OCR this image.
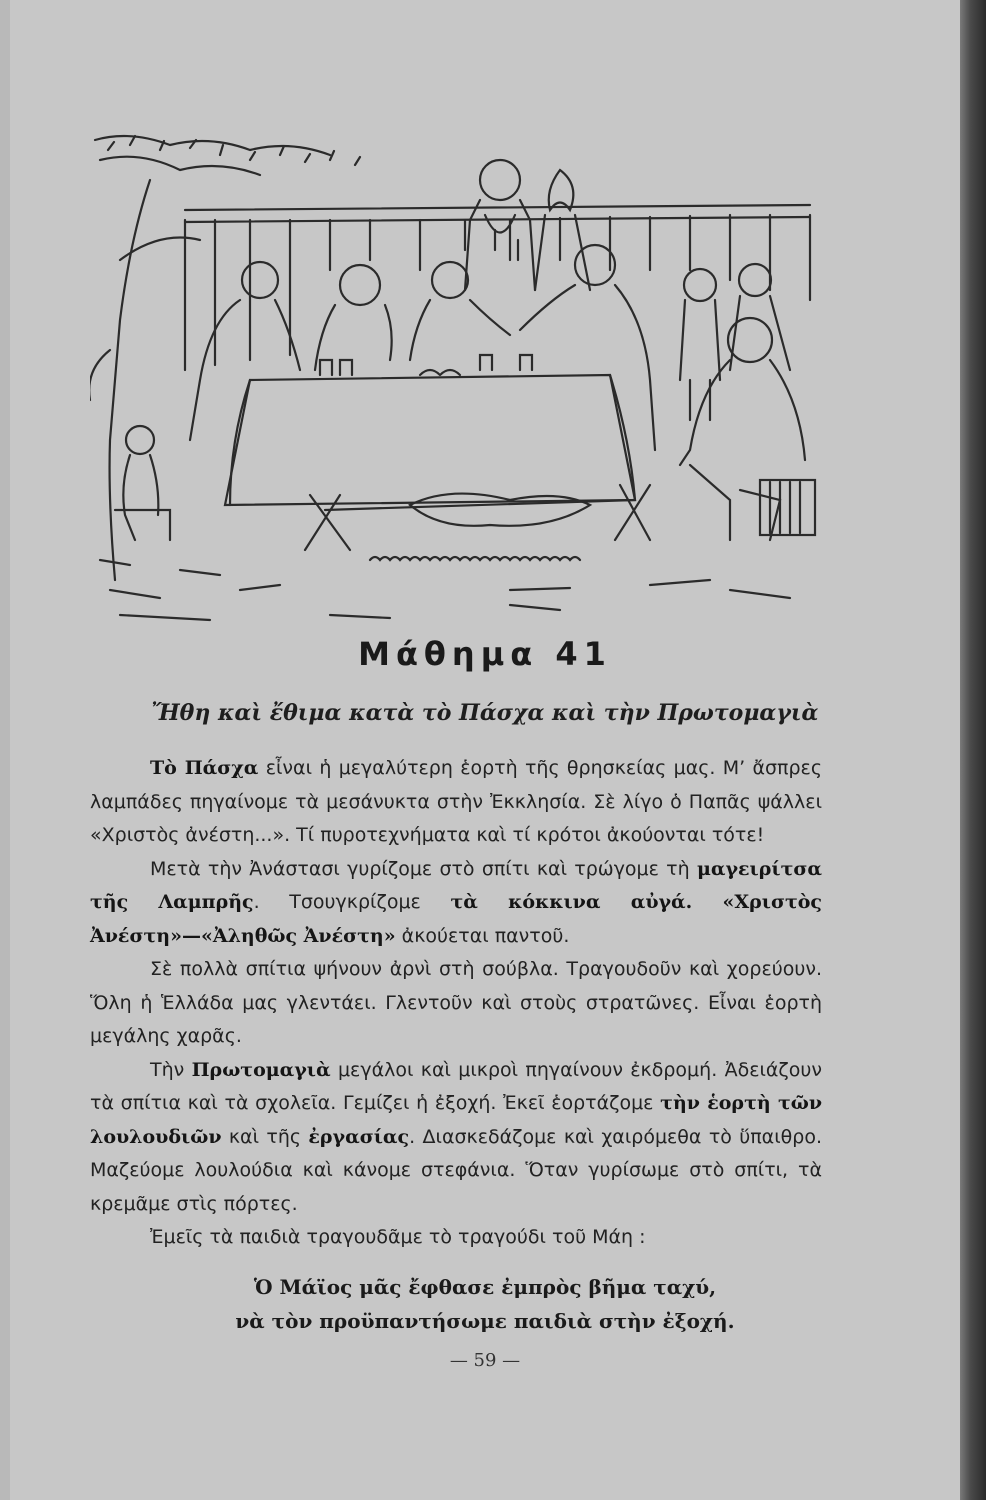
Μάθημα 41
Ἤθη καὶ ἔθιμα κατὰ τὸ Πάσχα καὶ τὴν Πρωτομαγιὰ

Τὸ Πάσχα εἶναι ἡ μεγαλύτερη ἑορτὴ τῆς θρησκείας μας. Μ’ ἄσπρες λαμπάδες πηγαίνομε τὰ μεσάνυκτα στὴν Ἐκκλησία. Σὲ λίγο ὁ Παπᾶς ψάλλει «Χριστὸς ἀνέστη...». Τί πυροτεχνήματα καὶ τί κρότοι ἀκούονται τότε!

Μετὰ τὴν Ἀνάστασι γυρίζομε στὸ σπίτι καὶ τρώγομε τὴ μαγειρίτσα τῆς Λαμπρῆς. Τσουγκρίζομε τὰ κόκκινα αὐγά. «Χριστὸς Ἀνέστη»—«Ἀληθῶς Ἀνέστη» ἀκούεται παντοῦ.

Σὲ πολλὰ σπίτια ψήνουν ἀρνὶ στὴ σούβλα. Τραγουδοῦν καὶ χορεύουν. Ὅλη ἡ Ἑλλάδα μας γλεντάει. Γλεντοῦν καὶ στοὺς στρατῶνες. Εἶναι ἑορτὴ μεγάλης χαρᾶς.

Τὴν Πρωτομαγιὰ μεγάλοι καὶ μικροὶ πηγαίνουν ἐκδρομή. Ἀδειάζουν τὰ σπίτια καὶ τὰ σχολεῖα. Γεμίζει ἡ ἐξοχή. Ἐκεῖ ἑορτάζομε τὴν ἑορτὴ τῶν λουλουδιῶν καὶ τῆς ἐργασίας. Διασκεδάζομε καὶ χαιρόμεθα τὸ ὕπαιθρο. Μαζεύομε λουλούδια καὶ κάνομε στεφάνια. Ὅταν γυρίσωμε στὸ σπίτι, τὰ κρεμᾶμε στὶς πόρτες.

Ἐμεῖς τὰ παιδιὰ τραγουδᾶμε τὸ τραγούδι τοῦ Μάη :

Ὁ Μάϊος μᾶς ἔφθασε ἐμπρὸς βῆμα ταχύ,
νὰ τὸν προϋπαντήσωμε παιδιὰ στὴν ἐξοχή.
— 59 —
